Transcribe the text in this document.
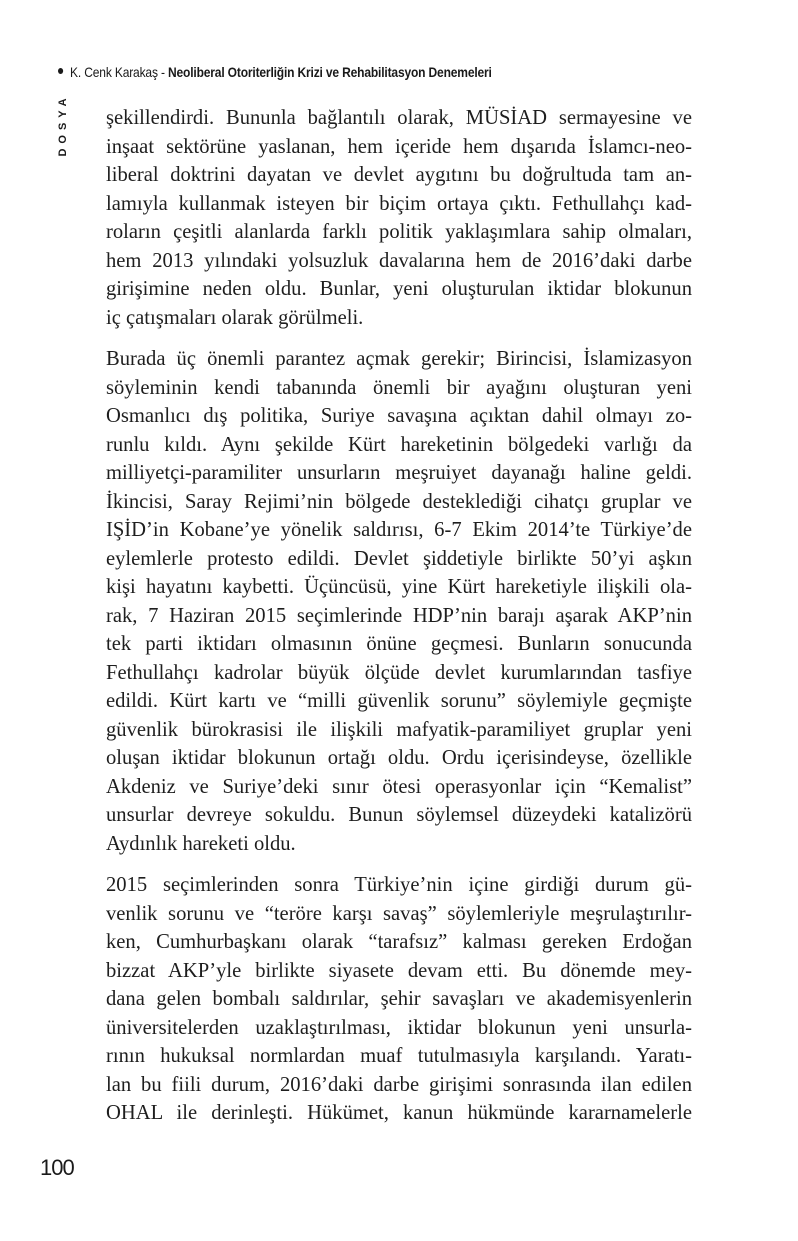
K. Cenk Karakaş - Neoliberal Otoriterliğin Krizi ve Rehabilitasyon Denemeleri
DOSYA şekillendirdi. Bununla bağlantılı olarak, MÜSİAD sermayesine ve
inşaat sektörüne yaslanan, hem içeride hem dışarıda İslamcı-neo-
liberal doktrini dayatan ve devlet aygıtını bu doğrultuda tam an-
lamıyla kullanmak isteyen bir biçim ortaya çıktı. Fethullahçı kad-
roların çeşitli alanlarda farklı politik yaklaşımlara sahip olmaları,
hem 2013 yılındaki yolsuzluk davalarına hem de 2016’daki darbe
girişimine neden oldu. Bunlar, yeni oluşturulan iktidar blokunun
iç çatışmaları olarak görülmeli.

Burada üç önemli parantez açmak gerekir; Birincisi, İslamizasyon
söyleminin kendi tabanında önemli bir ayağını oluşturan yeni
Osmanlıcı dış politika, Suriye savaşına açıktan dahil olmayı zo-
runlu kıldı. Aynı şekilde Kürt hareketinin bölgedeki varlığı da
milliyetçi-paramiliter unsurların meşruiyet dayanağı haline geldi.
İkincisi, Saray Rejimi’nin bölgede desteklediği cihatçı gruplar ve
IŞİD’in Kobane’ye yönelik saldırısı, 6-7 Ekim 2014’te Türkiye’de
eylemlerle protesto edildi. Devlet şiddetiyle birlikte 50’yi aşkın
kişi hayatını kaybetti. Üçüncüsü, yine Kürt hareketiyle ilişkili ola-
rak, 7 Haziran 2015 seçimlerinde HDP’nin barajı aşarak AKP’nin
tek parti iktidarı olmasının önüne geçmesi. Bunların sonucunda
Fethullahçı kadrolar büyük ölçüde devlet kurumlarından tasfiye
edildi. Kürt kartı ve “milli güvenlik sorunu” söylemiyle geçmişte
güvenlik bürokrasisi ile ilişkili mafyatik-paramiliyet gruplar yeni
oluşan iktidar blokunun ortağı oldu. Ordu içerisindeyse, özellikle
Akdeniz ve Suriye’deki sınır ötesi operasyonlar için “Kemalist”
unsurlar devreye sokuldu. Bunun söylemsel düzeydeki katalizörü
Aydınlık hareketi oldu.

2015 seçimlerinden sonra Türkiye’nin içine girdiği durum gü-
venlik sorunu ve “teröre karşı savaş” söylemleriyle meşrulaştırılır-
ken, Cumhurbaşkanı olarak “tarafsız” kalması gereken Erdoğan
bizzat AKP’yle birlikte siyasete devam etti. Bu dönemde mey-
dana gelen bombalı saldırılar, şehir savaşları ve akademisyenlerin
üniversitelerden uzaklaştırılması, iktidar blokunun yeni unsurla-
rının hukuksal normlardan muaf tutulmasıyla karşılandı. Yaratı-
lan bu fiili durum, 2016’daki darbe girişimi sonrasında ilan edilen
OHAL ile derinleşti. Hükümet, kanun hükmünde kararnamelerle

100
